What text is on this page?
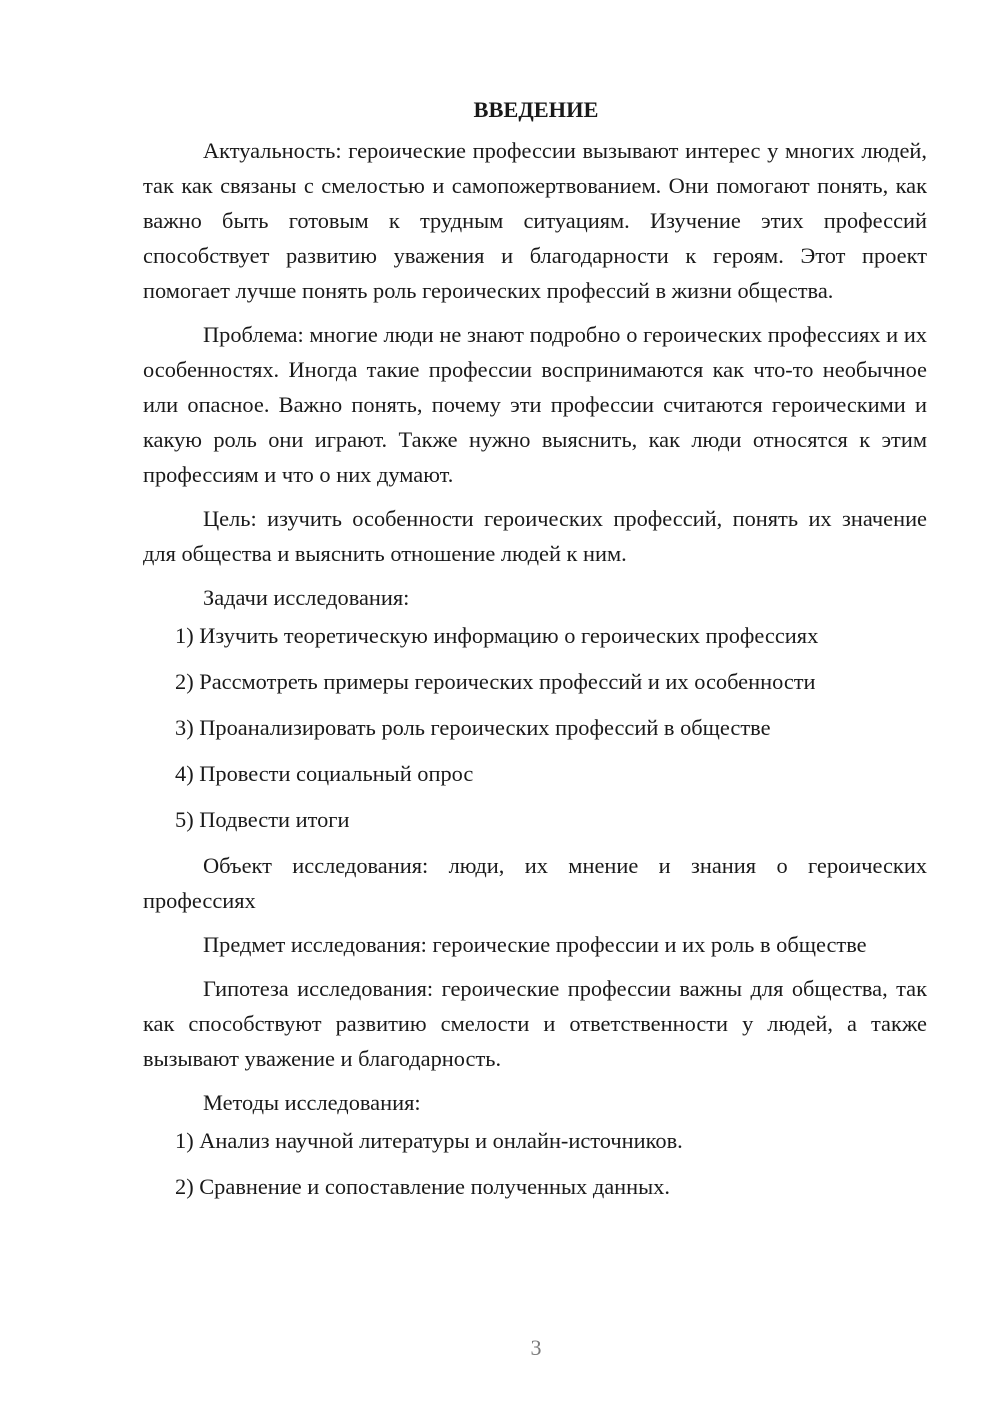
ВВЕДЕНИЕ

Актуальность: героические профессии вызывают интерес у многих людей, так как связаны с смелостью и самопожертвованием. Они помогают понять, как важно быть готовым к трудным ситуациям. Изучение этих профессий способствует развитию уважения и благодарности к героям. Этот проект помогает лучше понять роль героических профессий в жизни общества.

Проблема: многие люди не знают подробно о героических профессиях и их особенностях. Иногда такие профессии воспринимаются как что-то необычное или опасное. Важно понять, почему эти профессии считаются героическими и какую роль они играют. Также нужно выяснить, как люди относятся к этим профессиям и что о них думают.

Цель: изучить особенности героических профессий, понять их значение для общества и выяснить отношение людей к ним.

Задачи исследования:

1) Изучить теоретическую информацию о героических профессиях
2) Рассмотреть примеры героических профессий и их особенности
3) Проанализировать роль героических профессий в обществе
4) Провести социальный опрос
5) Подвести итоги

Объект исследования: люди, их мнение и знания о героических профессиях

Предмет исследования: героические профессии и их роль в обществе

Гипотеза исследования: героические профессии важны для общества, так как способствуют развитию смелости и ответственности у людей, а также вызывают уважение и благодарность.

Методы исследования:

1) Анализ научной литературы и онлайн-источников.
2) Сравнение и сопоставление полученных данных.
3
